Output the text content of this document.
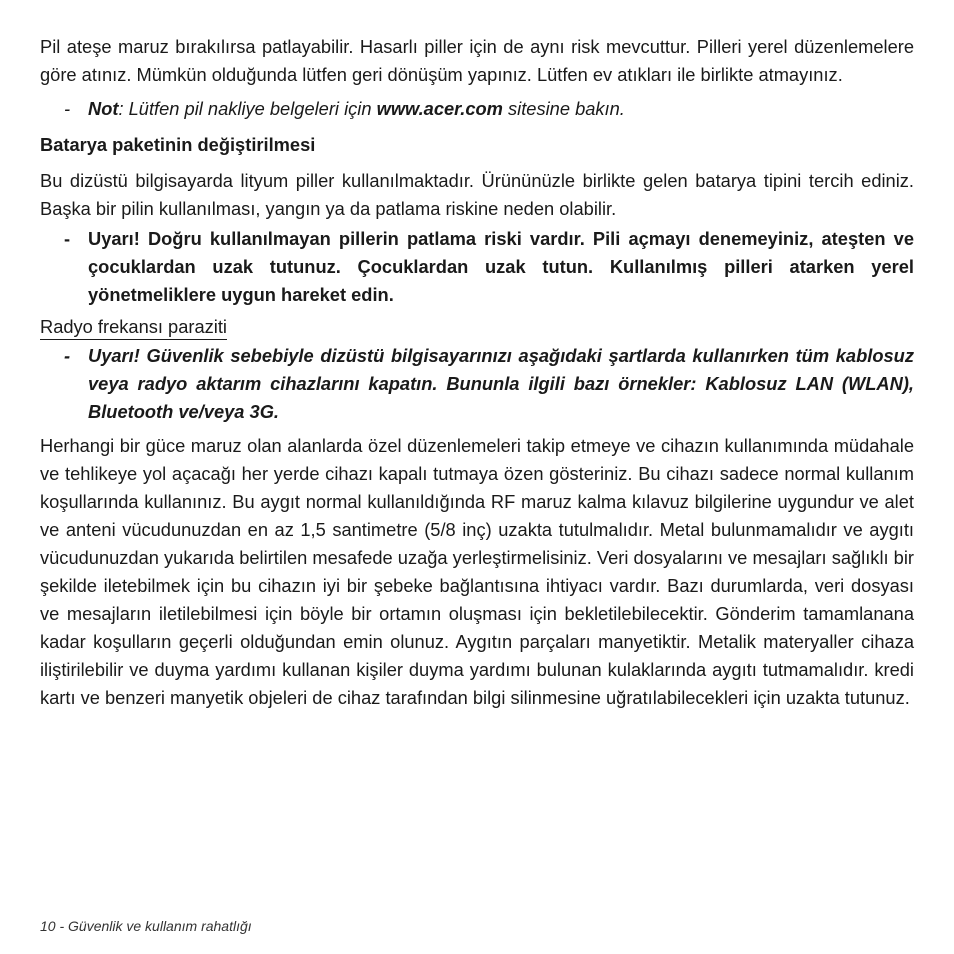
Pil ateşe maruz bırakılırsa patlayabilir. Hasarlı piller için de aynı risk mevcuttur. Pilleri yerel düzenlemelere göre atınız. Mümkün olduğunda lütfen geri dönüşüm yapınız. Lütfen ev atıkları ile birlikte atmayınız.

- Not: Lütfen pil nakliye belgeleri için www.acer.com sitesine bakın.
Batarya paketinin değiştirilmesi

Bu dizüstü bilgisayarda lityum piller kullanılmaktadır. Ürününüzle birlikte gelen batarya tipini tercih ediniz. Başka bir pilin kullanılması, yangın ya da patlama riskine neden olabilir.

- Uyarı! Doğru kullanılmayan pillerin patlama riski vardır. Pili açmayı denemeyiniz, ateşten ve çocuklardan uzak tutunuz. Çocuklardan uzak tutun. Kullanılmış pilleri atarken yerel yönetmeliklere uygun hareket edin.
Radyo frekansı paraziti
- Uyarı! Güvenlik sebebiyle dizüstü bilgisayarınızı aşağıdaki şartlarda kullanırken tüm kablosuz veya radyo aktarım cihazlarını kapatın. Bununla ilgili bazı örnekler: Kablosuz LAN (WLAN), Bluetooth ve/veya 3G.

Herhangi bir güce maruz olan alanlarda özel düzenlemeleri takip etmeye ve cihazın kullanımında müdahale ve tehlikeye yol açacağı her yerde cihazı kapalı tutmaya özen gösteriniz. Bu cihazı sadece normal kullanım koşullarında kullanınız. Bu aygıt normal kullanıldığında RF maruz kalma kılavuz bilgilerine uygundur ve alet ve anteni vücudunuzdan en az 1,5 santimetre (5/8 inç) uzakta tutulmalıdır. Metal bulunmamalıdır ve aygıtı vücudunuzdan yukarıda belirtilen mesafede uzağa yerleştirmelisiniz. Veri dosyalarını ve mesajları sağlıklı bir şekilde iletebilmek için bu cihazın iyi bir şebeke bağlantısına ihtiyacı vardır. Bazı durumlarda, veri dosyası ve mesajların iletilebilmesi için böyle bir ortamın oluşması için bekletilebilecektir. Gönderim tamamlanana kadar koşulların geçerli olduğundan emin olunuz. Aygıtın parçaları manyetiktir. Metalik materyaller cihaza iliştirilebilir ve duyma yardımı kullanan kişiler duyma yardımı bulunan kulaklarında aygıtı tutmamalıdır. kredi kartı ve benzeri manyetik objeleri de cihaz tarafından bilgi silinmesine uğratılabilecekleri için uzakta tutunuz.

10 - Güvenlik ve kullanım rahatlığı
